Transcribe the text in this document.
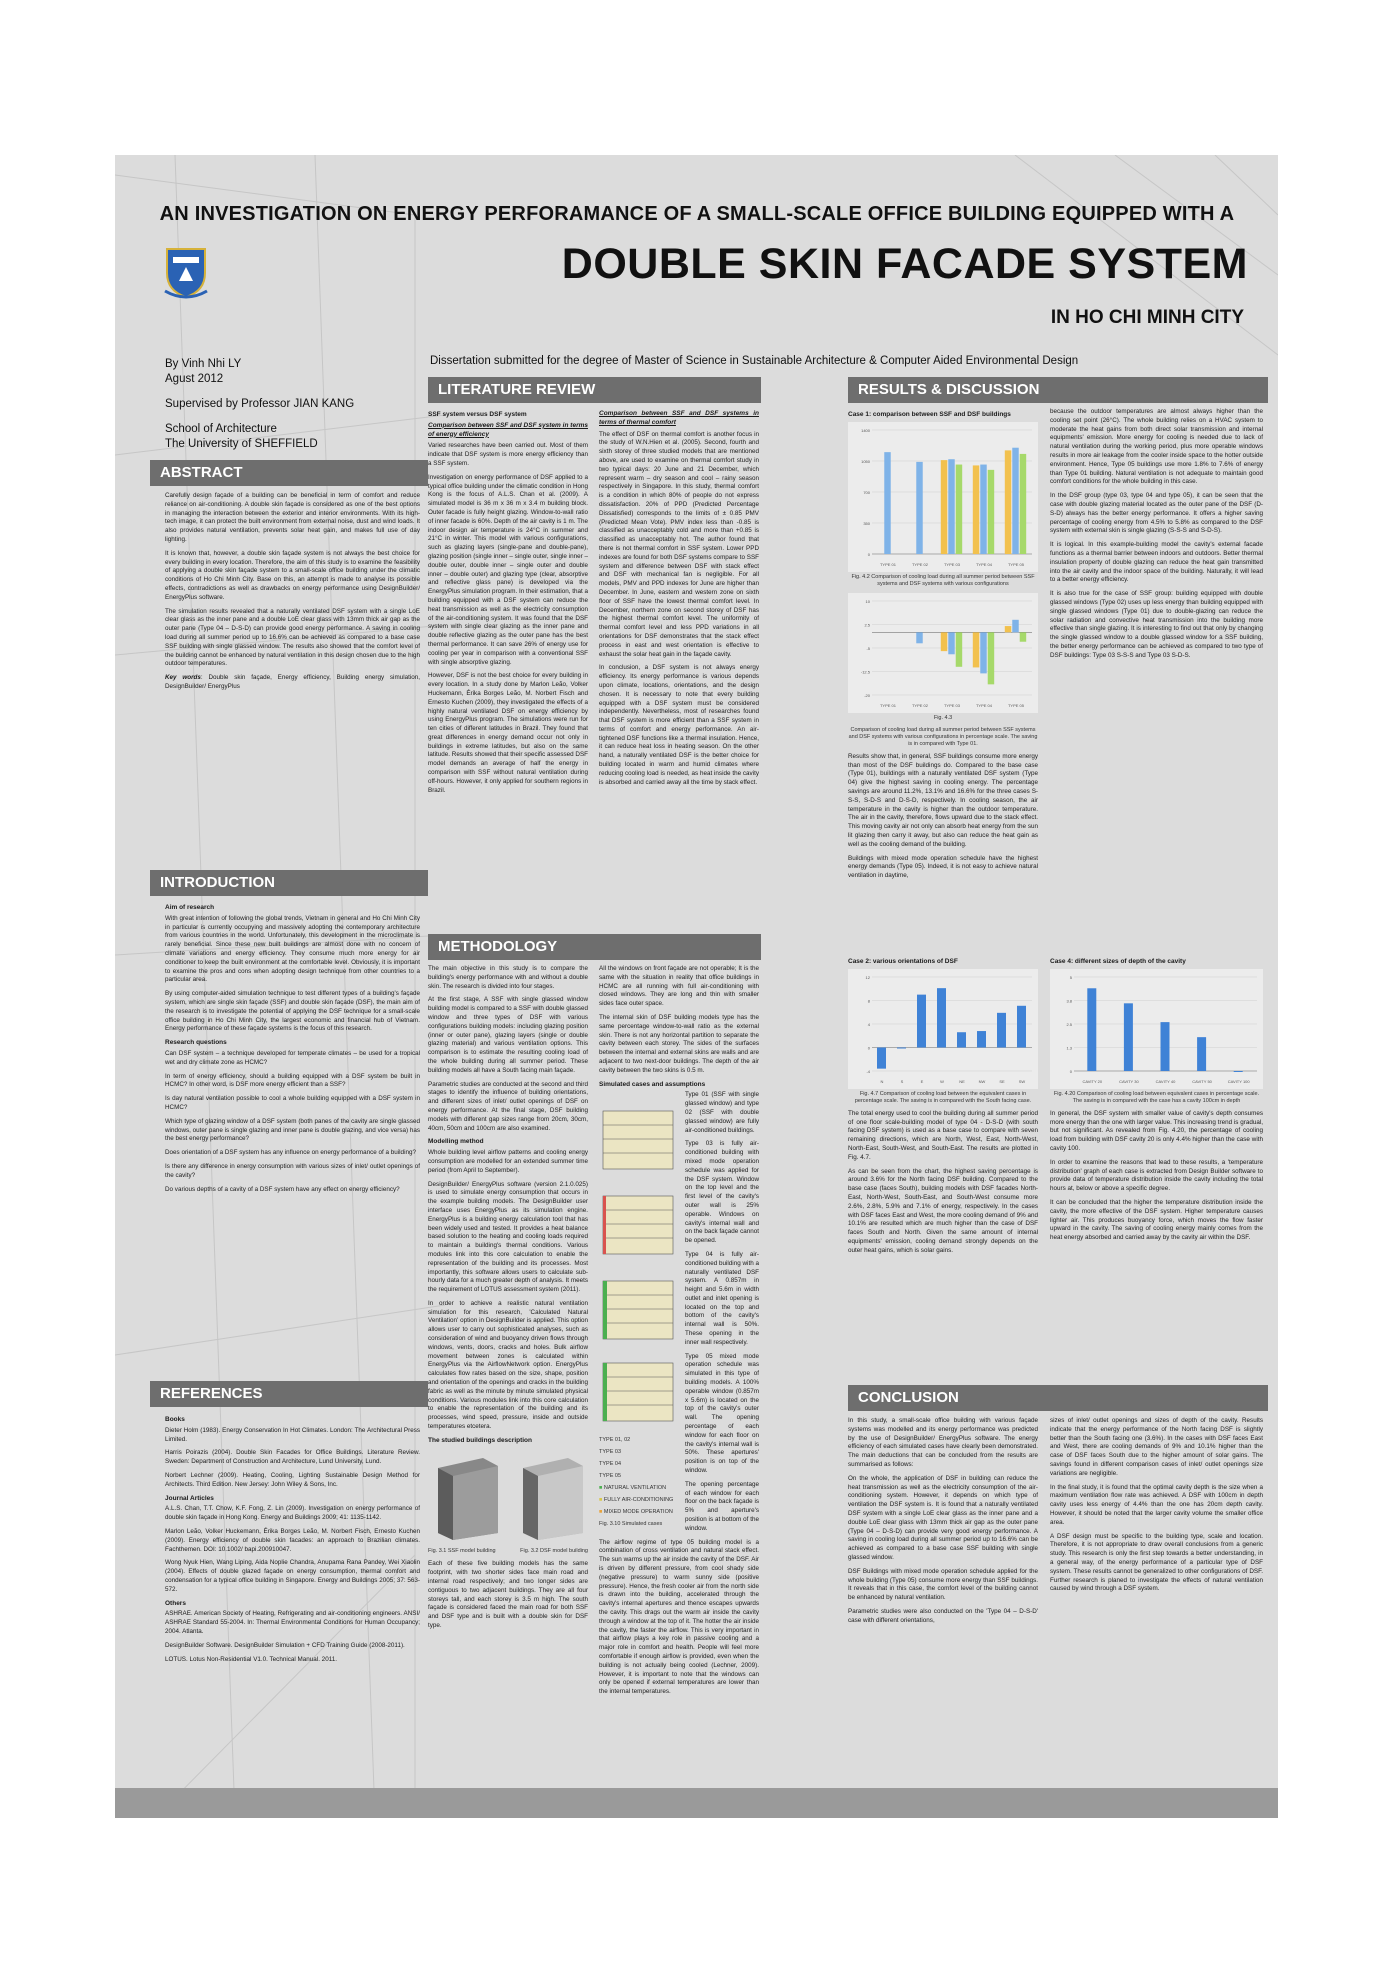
AN INVESTIGATION ON ENERGY PERFORAMANCE OF A SMALL-SCALE OFFICE BUILDING EQUIPPED WITH A
DOUBLE SKIN FACADE SYSTEM
IN HO CHI MINH CITY
By Vinh Nhi LY
Agust 2012
Supervised by Professor JIAN KANG
School of Architecture
The University of SHEFFIELD
Dissertation submitted for the degree of Master of Science in Sustainable Architecture & Computer Aided Environmental Design
ABSTRACT

Carefully design façade of a building can be beneficial in term of comfort and reduce reliance on air-conditioning. A double skin façade is considered as one of the best options in managing the interaction between the exterior and interior environments. With its high-tech image, it can protect the built environment from external noise, dust and wind loads. It also provides natural ventilation, prevents solar heat gain, and makes full use of day lighting.

It is known that, however, a double skin façade system is not always the best choice for every building in every location. Therefore, the aim of this study is to examine the feasibility of applying a double skin façade system to a small-scale office building under the climatic conditions of Ho Chi Minh City. Base on this, an attempt is made to analyse its possible effects, contradictions as well as drawbacks on energy performance using DesignBuilder/ EnergyPlus software.

The simulation results revealed that a naturally ventilated DSF system with a single LoE clear glass as the inner pane and a double LoE clear glass with 13mm thick air gap as the outer pane (Type 04 – D-S-D) can provide good energy performance. A saving in cooling load during all summer period up to 16.6% can be achieved as compared to a base case SSF building with single glassed window. The results also showed that the comfort level of the building cannot be enhanced by natural ventilation in this design chosen due to the high outdoor temperatures.

Key words: Double skin façade, Energy efficiency, Building energy simulation, DesignBuilder/ EnergyPlus

INTRODUCTION
Aim of research

With great intention of following the global trends, Vietnam in general and Ho Chi Minh City in particular is currently occupying and massively adopting the contemporary architecture from various countries in the world. Unfortunately, this development in the microclimate is rarely beneficial. Since these new built buildings are almost done with no concern of climate variations and energy efficiency. They consume much more energy for air conditioner to keep the built environment at the comfortable level. Obviously, it is important to examine the pros and cons when adopting design technique from other countries to a particular area.

By using computer-aided simulation technique to test different types of a building's façade system, which are single skin façade (SSF) and double skin façade (DSF), the main aim of the research is to investigate the potential of applying the DSF technique for a small-scale office building in Ho Chi Minh City, the largest economic and financial hub of Vietnam. Energy performance of these façade systems is the focus of this research.

Research questions

Can DSF system – a technique developed for temperate climates – be used for a tropical wet and dry climate zone as HCMC?

In term of energy efficiency, should a building equipped with a DSF system be built in HCMC? In other word, is DSF more energy efficient than a SSF?

Is day natural ventilation possible to cool a whole building equipped with a DSF system in HCMC?

Which type of glazing window of a DSF system (both panes of the cavity are single glassed windows, outer pane is single glazing and inner pane is double glazing, and vice versa) has the best energy performance?

Does orientation of a DSF system has any influence on energy performance of a building?

Is there any difference in energy consumption with various sizes of inlet/ outlet openings of the cavity?

Do various depths of a cavity of a DSF system have any effect on energy efficiency?

REFERENCES
Books

Dieter Holm (1983). Energy Conservation In Hot Climates. London: The Architectural Press Limited.

Harris Poirazis (2004). Double Skin Facades for Office Buildings. Literature Review. Sweden: Department of Construction and Architecture, Lund University, Lund.

Norbert Lechner (2009). Heating, Cooling, Lighting Sustainable Design Method for Architects. Third Edition. New Jersey: John Wiley & Sons, Inc.

Journal Articles

A.L.S. Chan, T.T. Chow, K.F. Fong, Z. Lin (2009). Investigation on energy performance of double skin façade in Hong Kong. Energy and Buildings 2009; 41: 1135-1142.

Marlon Leão, Volker Huckemann, Érika Borges Leão, M. Norbert Fisch, Ernesto Kuchen (2009). Energy efficiency of double skin facades: an approach to Brazilian climates. Fachthemen. DOI: 10.1002/ bapi.200910047.

Wong Nyuk Hien, Wang Liping, Aida Noplie Chandra, Anupama Rana Pandey, Wei Xiaolin (2004). Effects of double glazed façade on energy consumption, thermal comfort and condensation for a typical office building in Singapore. Energy and Buildings 2005; 37: 563-572.

Others

ASHRAE. American Society of Heating, Refrigerating and air-conditioning engineers. ANSI/ ASHRAE Standard 55-2004. In: Thermal Environmental Conditions for Human Occupancy; 2004. Atlanta.

DesignBuilder Software. DesignBuilder Simulation + CFD Training Guide (2008-2011).

LOTUS. Lotus Non-Residential V1.0. Technical Manual. 2011.

LITERATURE REVIEW
SSF system versus DSF system
Comparison between SSF and DSF system in terms of energy efficiency

Varied researches have been carried out. Most of them indicate that DSF system is more energy efficiency than a SSF system.

Investigation on energy performance of DSF applied to a typical office building under the climatic condition in Hong Kong is the focus of A.L.S. Chan et al. (2009). A simulated model is 36 m x 36 m x 3.4 m building block. Outer facade is fully height glazing. Window-to-wall ratio of inner facade is 60%. Depth of the air cavity is 1 m. The indoor design air temperature is 24°C in summer and 21°C in winter. This model with various configurations, such as glazing layers (single-pane and double-pane), glazing position (single inner – single outer, single inner – double outer, double inner – single outer and double inner – double outer) and glazing type (clear, absorptive and reflective glass pane) is developed via the EnergyPlus simulation program. In their estimation, that a building equipped with a DSF system can reduce the heat transmission as well as the electricity consumption of the air-conditioning system. It was found that the DSF system with single clear glazing as the inner pane and double reflective glazing as the outer pane has the best thermal performance. It can save 26% of energy use for cooling per year in comparison with a conventional SSF with single absorptive glazing.

However, DSF is not the best choice for every building in every location. In a study done by Marlon Leão, Volker Huckemann, Érika Borges Leão, M. Norbert Fisch and Ernesto Kuchen (2009), they investigated the effects of a highly natural ventilated DSF on energy efficiency by using EnergyPlus program. The simulations were run for ten cities of different latitudes in Brazil. They found that great differences in energy demand occur not only in buildings in extreme latitudes, but also on the same latitude. Results showed that their specific assessed DSF model demands an average of half the energy in comparison with SSF without natural ventilation during off-hours. However, it only applied for southern regions in Brazil.

Comparison between SSF and DSF systems in terms of thermal comfort

The effect of DSF on thermal comfort is another focus in the study of W.N.Hien et al. (2005). Second, fourth and sixth storey of three studied models that are mentioned above, are used to examine on thermal comfort study in two typical days: 20 June and 21 December, which represent warm – dry season and cool – rainy season respectively in Singapore. In this study, thermal comfort is a condition in which 80% of people do not express dissatisfaction. 20% of PPD (Predicted Percentage Dissatisfied) corresponds to the limits of ± 0.85 PMV (Predicted Mean Vote). PMV index less than -0.85 is classified as unacceptably cold and more than +0.85 is classified as unacceptably hot. The author found that there is not thermal comfort in SSF system. Lower PPD indexes are found for both DSF systems compare to SSF system and difference between DSF with stack effect and DSF with mechanical fan is negligible. For all models, PMV and PPD indexes for June are higher than December. In June, eastern and western zone on sixth floor of SSF have the lowest thermal comfort level. In December, northern zone on second storey of DSF has the highest thermal comfort level. The uniformity of thermal comfort level and less PPD variations in all orientations for DSF demonstrates that the stack effect process in east and west orientation is effective to exhaust the solar heat gain in the façade cavity.

In conclusion, a DSF system is not always energy efficiency. Its energy performance is various depends upon climate, locations, orientations, and the design chosen. It is necessary to note that every building equipped with a DSF system must be considered independently. Nevertheless, most of researches found that DSF system is more efficient than a SSF system in terms of comfort and energy performance. An air-tightened DSF functions like a thermal insulation. Hence, it can reduce heat loss in heating season. On the other hand, a naturally ventilated DSF is the better choice for building located in warm and humid climates where reducing cooling load is needed, as heat inside the cavity is absorbed and carried away all the time by stack effect.

METHODOLOGY

The main objective in this study is to compare the building's energy performance with and without a double skin. The research is divided into four stages.

At the first stage, A SSF with single glassed window building model is compared to a SSF with double glassed window and three types of DSF with various configurations building models: including glazing position (inner or outer pane), glazing layers (single or double glazing material) and various ventilation options. This comparison is to estimate the resulting cooling load of the whole building during all summer period. These building models all have a South facing main façade.

Parametric studies are conducted at the second and third stages to identify the influence of building orientations, and different sizes of inlet/ outlet openings of DSF on energy performance. At the final stage, DSF building models with different gap sizes range from 20cm, 30cm, 40cm, 50cm and 100cm are also examined.

Modelling method

Whole building level airflow patterns and cooling energy consumption are modelled for an extended summer time period (from April to September).

DesignBuilder/ EnergyPlus software (version 2.1.0.025) is used to simulate energy consumption that occurs in the example building models. The DesignBuilder user interface uses EnergyPlus as its simulation engine. EnergyPlus is a building energy calculation tool that has been widely used and tested. It provides a heat balance based solution to the heating and cooling loads required to maintain a building's thermal conditions. Various modules link into this core calculation to enable the representation of the building and its processes. Most importantly, this software allows users to calculate sub-hourly data for a much greater depth of analysis. It meets the requirement of LOTUS assessment system (2011).

In order to achieve a realistic natural ventilation simulation for this research, 'Calculated Natural Ventilation' option in DesignBuilder is applied. This option allows user to carry out sophisticated analyses, such as consideration of wind and buoyancy driven flows through windows, vents, doors, cracks and holes. Bulk airflow movement between zones is calculated within EnergyPlus via the AirflowNetwork option. EnergyPlus calculates flow rates based on the size, shape, position and orientation of the openings and cracks in the building fabric as well as the minute by minute simulated physical conditions. Various modules link into this core calculation to enable the representation of the building and its processes, wind speed, pressure, inside and outside temperatures etcetera.

The studied buildings description
Fig. 3.1 SSF model building	Fig. 3.2 DSF model building

Each of these five building models has the same footprint, with two shorter sides face main road and internal road respectively; and two longer sides are contiguous to two adjacent buildings. They are all four storeys tall, and each storey is 3.5 m high. The south façade is considered faced the main road for both SSF and DSF type and is built with a double skin for DSF type.

All the windows on front façade are not operable; It is the same with the situation in reality that office buildings in HCMC are all running with full air-conditioning with closed windows. They are long and thin with smaller sides face outer space.

The internal skin of DSF building models type has the same percentage window-to-wall ratio as the external skin. There is not any horizontal partition to separate the cavity between each storey. The sides of the surfaces between the internal and external skins are walls and are adjacent to two next-door buildings. The depth of the air cavity between the two skins is 0.5 m.

Simulated cases and assumptions
TYPE 01, 02
TYPE 03
TYPE 04
TYPE 05
■ NATURAL VENTILATION
■ FULLY AIR-CONDITIONING
■ MIXED MODE OPERATION
Fig. 3.10 Simulated cases

Type 01 (SSF with single glassed window) and type 02 (SSF with double glassed window) are fully air-conditioned buildings.

Type 03 is fully air-conditioned building with mixed mode operation schedule was applied for the DSF system. Window on the top level and the first level of the cavity's outer wall is 25% operable. Windows on cavity's internal wall and on the back façade cannot be opened.

Type 04 is fully air-conditioned building with a naturally ventilated DSF system. A 0.857m in height and 5.6m in width outlet and inlet opening is located on the top and bottom of the cavity's internal wall is 50%. These opening in the inner wall respectively.

Type 05 mixed mode operation schedule was simulated in this type of building models. A 100% operable window (0.857m x 5.6m) is located on the top of the cavity's outer wall. The opening percentage of each window for each floor on the cavity's internal wall is 50%. These apertures' position is on top of the window.

The opening percentage of each window for each floor on the back façade is 5% and aperture's position is at bottom of the window.

The airflow regime of type 05 building model is a combination of cross ventilation and natural stack effect. The sun warms up the air inside the cavity of the DSF. Air is driven by different pressure, from cool shady side (negative pressure) to warm sunny side (positive pressure). Hence, the fresh cooler air from the north side is drawn into the building, accelerated through the cavity's internal apertures and thence escapes upwards the cavity. This drags out the warm air inside the cavity through a window at the top of it. The hotter the air inside the cavity, the faster the airflow. This is very important in that airflow plays a key role in passive cooling and a major role in comfort and health. People will feel more comfortable if enough airflow is provided, even when the building is not actually being cooled (Lechner, 2009). However, it is important to note that the windows can only be opened if external temperatures are lower than the internal temperatures.

RESULTS & DISCUSSION
Case 1: comparison between SSF and DSF buildings
0
350
700
1050
1400
TYPE 01	TYPE 02	TYPE 03	TYPE 04	TYPE 05
Fig. 4.2 Comparison of cooling load during all summer period between SSF systems and DSF systems with various configurations
-20
-12.5
-5
2.5
10
TYPE 01	TYPE 02	TYPE 03	TYPE 04	TYPE 05
Fig. 4.3
Comparison of cooling load during all summer period between SSF systems and DSF systems with various configurations in percentage scale. The saving is in compared with Type 01.

Results show that, in general, SSF buildings consume more energy than most of the DSF buildings do. Compared to the base case (Type 01), buildings with a naturally ventilated DSF system (Type 04) give the highest saving in cooling energy. The percentage savings are around 11.2%, 13.1% and 16.6% for the three cases S-S-S, S-D-S and D-S-D, respectively. In cooling season, the air temperature in the cavity is higher than the outdoor temperature. The air in the cavity, therefore, flows upward due to the stack effect. This moving cavity air not only can absorb heat energy from the sun lit glazing then carry it away, but also can reduce the heat gain as well as the cooling demand of the building.

Buildings with mixed mode operation schedule have the highest energy demands (Type 05). Indeed, it is not easy to achieve natural ventilation in daytime,

because the outdoor temperatures are almost always higher than the cooling set point (26°C). The whole building relies on a HVAC system to moderate the heat gains from both direct solar transmission and internal equipments' emission. More energy for cooling is needed due to lack of natural ventilation during the working period, plus more operable windows results in more air leakage from the cooler inside space to the hotter outside environment. Hence, Type 05 buildings use more 1.8% to 7.6% of energy than Type 01 building. Natural ventilation is not adequate to maintain good comfort conditions for the whole building in this case.

In the DSF group (type 03, type 04 and type 05), it can be seen that the case with double glazing material located as the outer pane of the DSF (D-S-D) always has the better energy performance. It offers a higher saving percentage of cooling energy from 4.5% to 5.8% as compared to the DSF system with external skin is single glazing (S-S-S and S-D-S).

It is logical. In this example-building model the cavity's external facade functions as a thermal barrier between indoors and outdoors. Better thermal insulation property of double glazing can reduce the heat gain transmitted into the air cavity and the indoor space of the building. Naturally, it will lead to a better energy efficiency.

It is also true for the case of SSF group: building equipped with double glassed windows (Type 02) uses up less energy than building equipped with single glassed windows (Type 01) due to double-glazing can reduce the solar radiation and convective heat transmission into the building more effective than single glazing. It is interesting to find out that only by changing the single glassed window to a double glassed window for a SSF building, the better energy performance can be achieved as compared to two type of DSF buildings: Type 03 S-S-S and Type 03 S-D-S.

Case 2: various orientations of DSF
-4
0
4
8
12
N	S	E	W	NE	NW	SE	SW
Fig. 4.7 Comparison of cooling load between the equivalent cases in percentage scale. The saving is in compared with the South facing case.

The total energy used to cool the building during all summer period of one floor scale-building model of type 04 - D-S-D (with south facing DSF system) is used as a base case to compare with seven remaining directions, which are North, West, East, North-West, North-East, South-West, and South-East. The results are plotted in Fig. 4.7.

As can be seen from the chart, the highest saving percentage is around 3.6% for the North facing DSF building. Compared to the base case (faces South), building models with DSF facades North-East, North-West, South-East, and South-West consume more 2.6%, 2.8%, 5.9% and 7.1% of energy, respectively. In the cases with DSF faces East and West, the more cooling demand of 9% and 10.1% are resulted which are much higher than the case of DSF faces South and North. Given the same amount of internal equipments' emission, cooling demand strongly depends on the outer heat gains, which is solar gains.

Case 4: different sizes of depth of the cavity
0
1.3
2.5
3.8
5
CAVITY 20	CAVITY 30	CAVITY 40	CAVITY 50	CAVITY 100
Fig. 4.20 Comparison of cooling load between equivalent cases in percentage scale. The saving is in compared with the case has a cavity 100cm in depth

In general, the DSF system with smaller value of cavity's depth consumes more energy than the one with larger value. This increasing trend is gradual, but not significant. As revealed from Fig. 4.20, the percentage of cooling load from building with DSF cavity 20 is only 4.4% higher than the case with cavity 100.

In order to examine the reasons that lead to these results, a 'temperature distribution' graph of each case is extracted from Design Builder software to provide data of temperature distribution inside the cavity including the total hours at, below or above a specific degree.

It can be concluded that the higher the temperature distribution inside the cavity, the more effective of the DSF system. Higher temperature causes lighter air. This produces buoyancy force, which moves the flow faster upward in the cavity. The saving of cooling energy mainly comes from the heat energy absorbed and carried away by the cavity air within the DSF.

CONCLUSION

In this study, a small-scale office building with various façade systems was modelled and its energy performance was predicted by the use of DesignBuilder/ EnergyPlus software. The energy efficiency of each simulated cases have clearly been demonstrated. The main deductions that can be concluded from the results are summarised as follows:

On the whole, the application of DSF in building can reduce the heat transmission as well as the electricity consumption of the air-conditioning system. However, it depends on which type of ventilation the DSF system is. It is found that a naturally ventilated DSF system with a single LoE clear glass as the inner pane and a double LoE clear glass with 13mm thick air gap as the outer pane (Type 04 – D-S-D) can provide very good energy performance. A saving in cooling load during all summer period up to 16.6% can be achieved as compared to a base case SSF building with single glassed window.

DSF Buildings with mixed mode operation schedule applied for the whole building (Type 05) consume more energy than SSF buildings. It reveals that in this case, the comfort level of the building cannot be enhanced by natural ventilation.

Parametric studies were also conducted on the 'Type 04 – D-S-D' case with different orientations,

sizes of inlet/ outlet openings and sizes of depth of the cavity. Results indicate that the energy performance of the North facing DSF is slightly better than the South facing one (3.6%). In the cases with DSF faces East and West, there are cooling demands of 9% and 10.1% higher than the case of DSF faces South due to the higher amount of solar gains. The savings found in different comparison cases of inlet/ outlet openings size variations are negligible.

In the final study, it is found that the optimal cavity depth is the size when a maximum ventilation flow rate was achieved. A DSF with 100cm in depth cavity uses less energy of 4.4% than the one has 20cm depth cavity. However, it should be noted that the larger cavity volume the smaller office area.

A DSF design must be specific to the building type, scale and location. Therefore, it is not appropriate to draw overall conclusions from a generic study. This research is only the first step towards a better understanding, in a general way, of the energy performance of a particular type of DSF system. These results cannot be generalized to other configurations of DSF. Further research is planed to investigate the effects of natural ventilation caused by wind through a DSF system.
